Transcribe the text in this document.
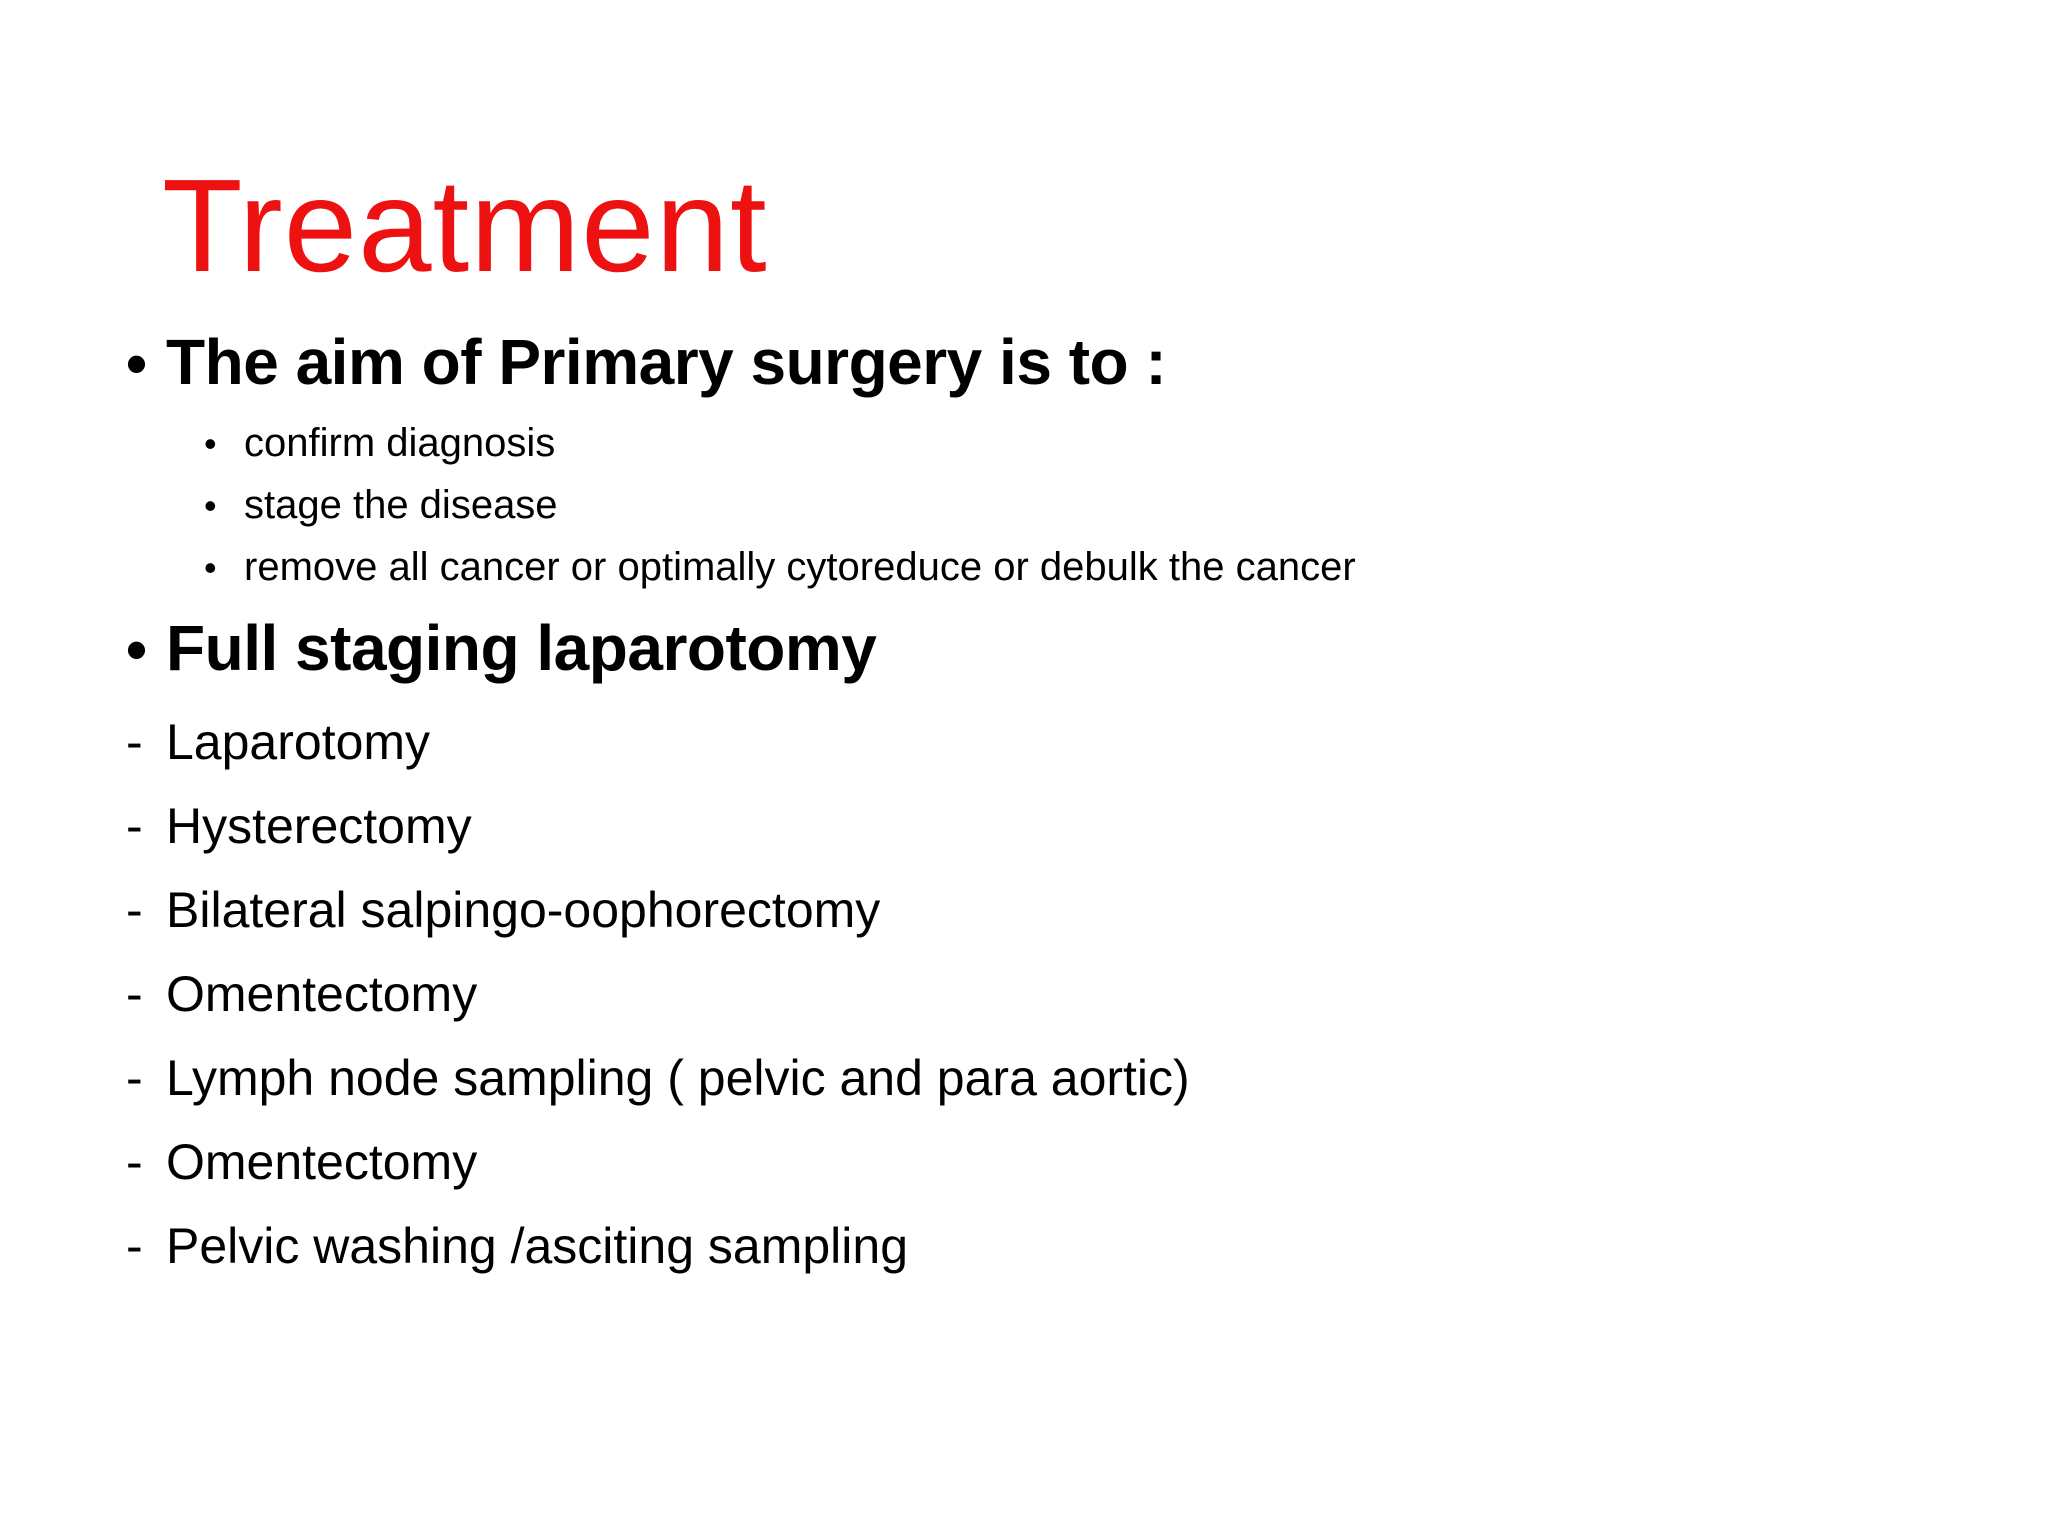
Treatment
• The aim of Primary surgery is to :
• confirm diagnosis
• stage the disease
• remove all cancer or optimally cytoreduce or debulk the cancer
• Full staging laparotomy
- Laparotomy
- Hysterectomy
- Bilateral salpingo-oophorectomy
- Omentectomy
- Lymph node sampling ( pelvic and para aortic)
- Omentectomy
- Pelvic washing /asciting sampling
